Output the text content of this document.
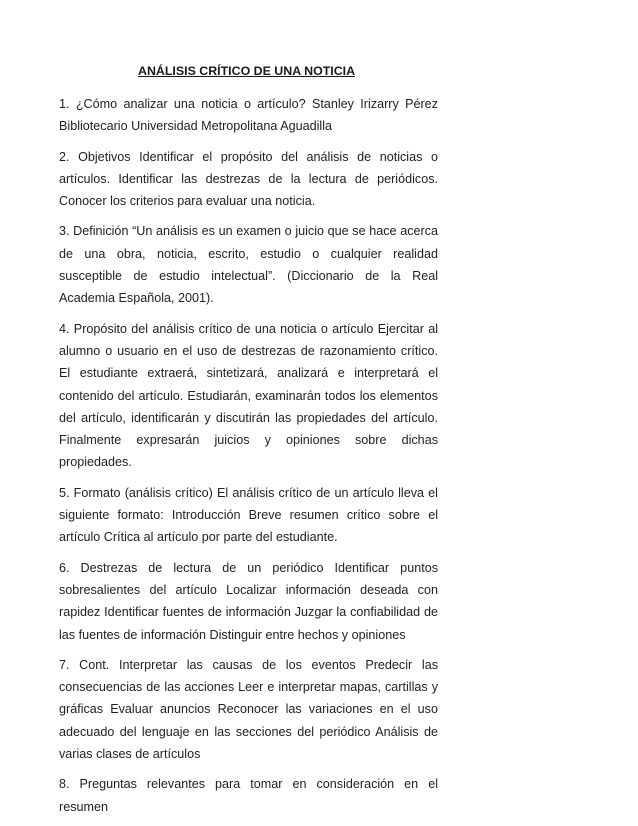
ANÁLISIS CRÍTICO DE UNA NOTICIA

1. ¿Cómo analizar una noticia o artículo? Stanley Irizarry Pérez Bibliotecario Universidad Metropolitana Aguadilla

2. Objetivos Identificar el propósito del análisis de noticias o artículos. Identificar las destrezas de la lectura de periódicos. Conocer los criterios para evaluar una noticia.

3. Definición “Un análisis es un examen o juicio que se hace acerca de una obra, noticia, escrito, estudio o cualquier realidad susceptible de estudio intelectual”. (Diccionario de la Real Academia Española, 2001).

4. Propósito del análisis crítico de una noticia o artículo Ejercitar al alumno o usuario en el uso de destrezas de razonamiento crítico. El estudiante extraerá, sintetizará, analizará e interpretará el contenido del artículo. Estudiarán, examinarán todos los elementos del artículo, identificarán y discutirán las propiedades del artículo. Finalmente expresarán juicios y opiniones sobre dichas propiedades.

5. Formato (análisis crítico) El análisis crítico de un artículo lleva el siguiente formato: Introducción Breve resumen crítico sobre el artículo Crítica al artículo por parte del estudiante.

6. Destrezas de lectura de un periódico Identificar puntos sobresalientes del artículo Localizar información deseada con rapidez Identificar fuentes de información Juzgar la confiabilidad de las fuentes de información Distinguir entre hechos y opiniones

7. Cont. Interpretar las causas de los eventos Predecir las consecuencias de las acciones Leer e interpretar mapas, cartillas y gráficas Evaluar anuncios Reconocer las variaciones en el uso adecuado del lenguaje en las secciones del periódico Análisis de varias clases de artículos

8. Preguntas relevantes para tomar en consideración en el resumen
